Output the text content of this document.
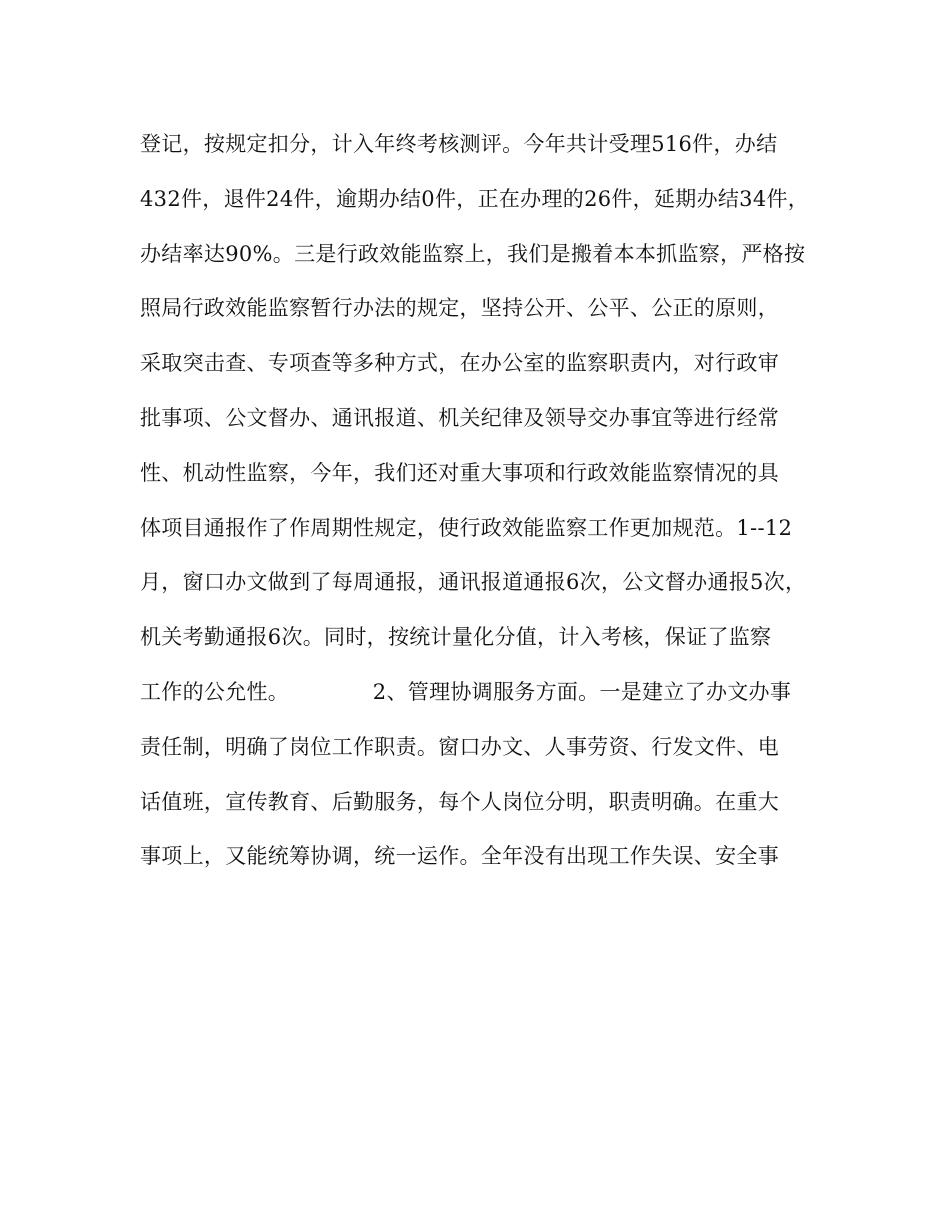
登记，按规定扣分，计入年终考核测评。今年共计受理516件，办结
432件，退件24件，逾期办结0件，正在办理的26件，延期办结34件，
办结率达90%。三是行政效能监察上，我们是搬着本本抓监察，严格按
照局行政效能监察暂行办法的规定，坚持公开、公平、公正的原则，
采取突击查、专项查等多种方式，在办公室的监察职责内，对行政审
批事项、公文督办、通讯报道、机关纪律及领导交办事宜等进行经常
性、机动性监察，今年，我们还对重大事项和行政效能监察情况的具
体项目通报作了作周期性规定，使行政效能监察工作更加规范。1--12
月，窗口办文做到了每周通报，通讯报道通报6次，公文督办通报5次，
机关考勤通报6次。同时，按统计量化分值，计入考核，保证了监察
工作的公允性。            2、管理协调服务方面。一是建立了办文办事
责任制，明确了岗位工作职责。窗口办文、人事劳资、行发文件、电
话值班，宣传教育、后勤服务，每个人岗位分明，职责明确。在重大
事项上，又能统筹协调，统一运作。全年没有出现工作失误、安全事
